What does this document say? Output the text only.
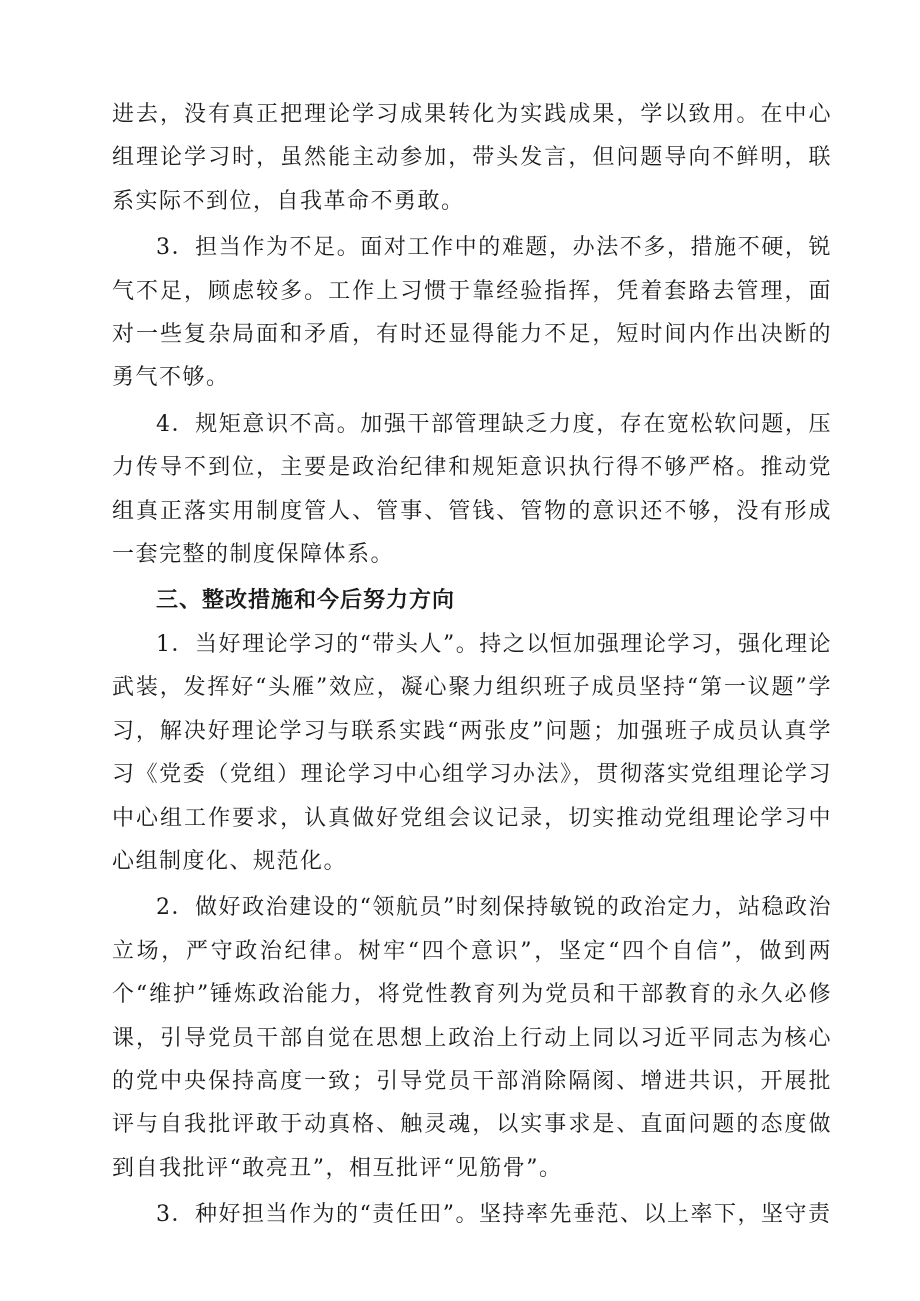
进去，没有真正把理论学习成果转化为实践成果，学以致用。在中心组理论学习时，虽然能主动参加，带头发言，但问题导向不鲜明，联系实际不到位，自我革命不勇敢。

3．担当作为不足。面对工作中的难题，办法不多，措施不硬，锐气不足，顾虑较多。工作上习惯于靠经验指挥，凭着套路去管理，面对一些复杂局面和矛盾，有时还显得能力不足，短时间内作出决断的勇气不够。

4．规矩意识不高。加强干部管理缺乏力度，存在宽松软问题，压力传导不到位，主要是政治纪律和规矩意识执行得不够严格。推动党组真正落实用制度管人、管事、管钱、管物的意识还不够，没有形成一套完整的制度保障体系。

三、整改措施和今后努力方向

1．当好理论学习的“带头人”。持之以恒加强理论学习，强化理论武装，发挥好“头雁”效应，凝心聚力组织班子成员坚持“第一议题”学习，解决好理论学习与联系实践“两张皮”问题；加强班子成员认真学习《党委（党组）理论学习中心组学习办法》，贯彻落实党组理论学习中心组工作要求，认真做好党组会议记录，切实推动党组理论学习中心组制度化、规范化。

2．做好政治建设的“领航员”时刻保持敏锐的政治定力，站稳政治立场，严守政治纪律。树牢“四个意识”，坚定“四个自信”，做到两个“维护”锤炼政治能力，将党性教育列为党员和干部教育的永久必修课，引导党员干部自觉在思想上政治上行动上同以习近平同志为核心的党中央保持高度一致；引导党员干部消除隔阂、增进共识，开展批评与自我批评敢于动真格、触灵魂，以实事求是、直面问题的态度做到自我批评“敢亮丑”，相互批评“见筋骨”。

3．种好担当作为的“责任田”。坚持率先垂范、以上率下，坚守责
